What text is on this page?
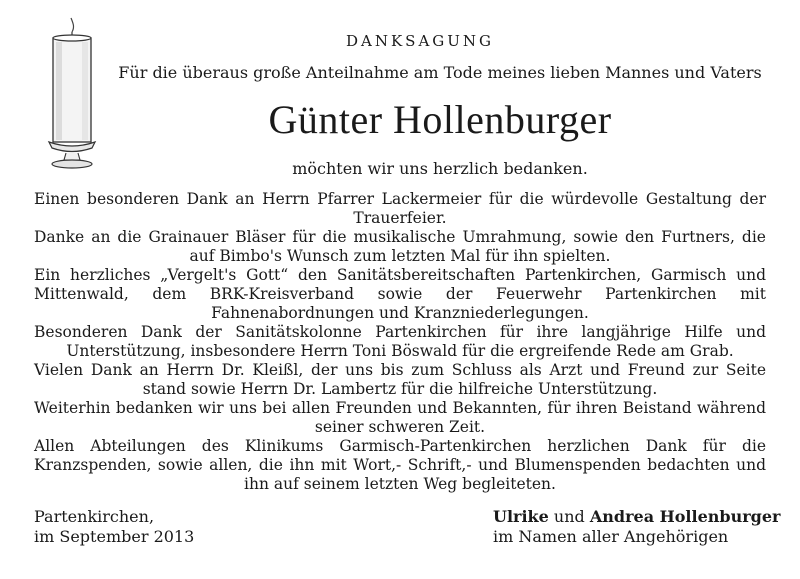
DANKSAGUNG
Für die überaus große Anteilnahme am Tode meines lieben Mannes und Vaters
Günter Hollenburger
möchten wir uns herzlich bedanken.

Einen besonderen Dank an Herrn Pfarrer Lackermeier für die würdevolle Gestaltung der Trauerfeier.

Danke an die Grainauer Bläser für die musikalische Umrahmung, sowie den Furtners, die auf Bimbo's Wunsch zum letzten Mal für ihn spielten.

Ein herzliches „Vergelt's Gott“ den Sanitätsbereitschaften Partenkirchen, Garmisch und Mittenwald, dem BRK-Kreisverband sowie der Feuerwehr Partenkirchen mit Fahnenabordnungen und Kranzniederlegungen.

Besonderen Dank der Sanitätskolonne Partenkirchen für ihre langjährige Hilfe und Unterstützung, insbesondere Herrn Toni Böswald für die ergreifende Rede am Grab.

Vielen Dank an Herrn Dr. Kleißl, der uns bis zum Schluss als Arzt und Freund zur Seite stand sowie Herrn Dr. Lambertz für die hilfreiche Unterstützung.

Weiterhin bedanken wir uns bei allen Freunden und Bekannten, für ihren Beistand während seiner schweren Zeit.

Allen Abteilungen des Klinikums Garmisch-Partenkirchen herzlichen Dank für die Kranzspenden, sowie allen, die ihn mit Wort,- Schrift,- und Blumenspenden bedachten und ihn auf seinem letzten Weg begleiteten.

Partenkirchen,
im September 2013
Ulrike und Andrea Hollenburger
im Namen aller Angehörigen
